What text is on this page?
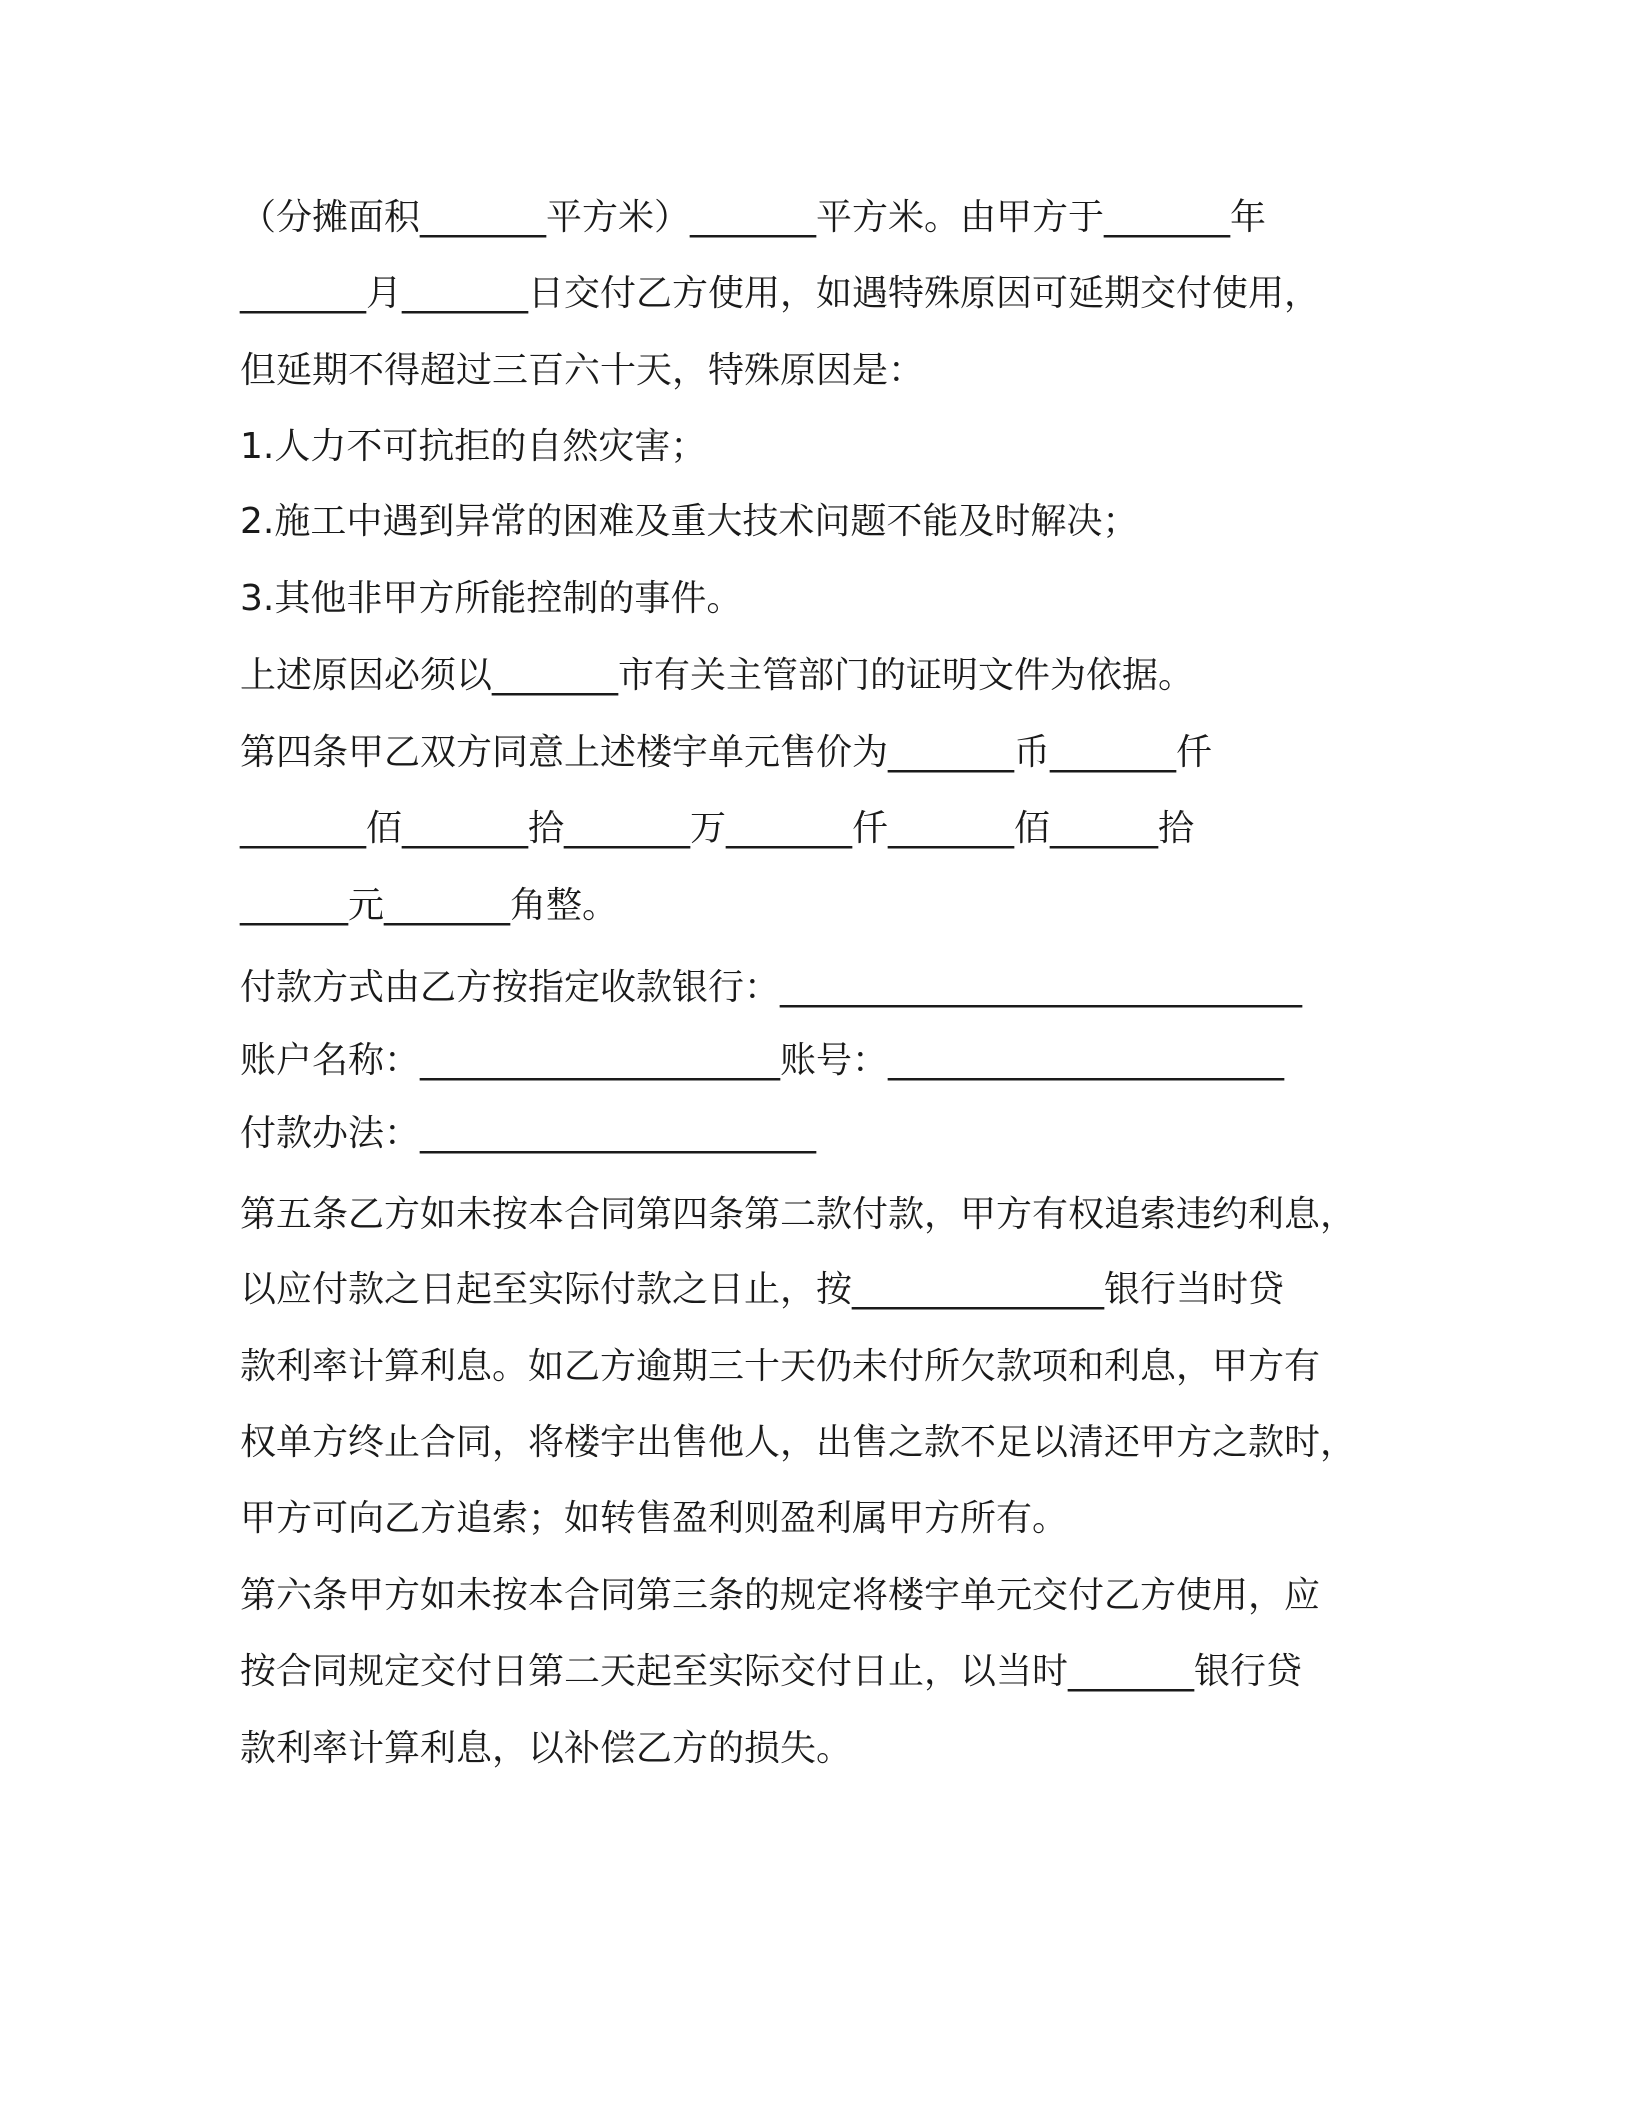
（分摊面积_______平方米）_______平方米。由甲方于_______年

_______月_______日交付乙方使用，如遇特殊原因可延期交付使用，

但延期不得超过三百六十天，特殊原因是：

1.人力不可抗拒的自然灾害；

2.施工中遇到异常的困难及重大技术问题不能及时解决；

3.其他非甲方所能控制的事件。

上述原因必须以_______市有关主管部门的证明文件为依据。

第四条甲乙双方同意上述楼宇单元售价为_______币_______仟

_______佰_______拾_______万_______仟_______佰______拾

______元_______角整。

付款方式由乙方按指定收款银行：_____________________________

账户名称：____________________账号：______________________

付款办法：______________________

第五条乙方如未按本合同第四条第二款付款，甲方有权追索违约利息，

以应付款之日起至实际付款之日止，按______________银行当时贷

款利率计算利息。如乙方逾期三十天仍未付所欠款项和利息，甲方有

权单方终止合同，将楼宇出售他人，出售之款不足以清还甲方之款时，

甲方可向乙方追索；如转售盈利则盈利属甲方所有。

第六条甲方如未按本合同第三条的规定将楼宇单元交付乙方使用，应

按合同规定交付日第二天起至实际交付日止，以当时_______银行贷

款利率计算利息，以补偿乙方的损失。
